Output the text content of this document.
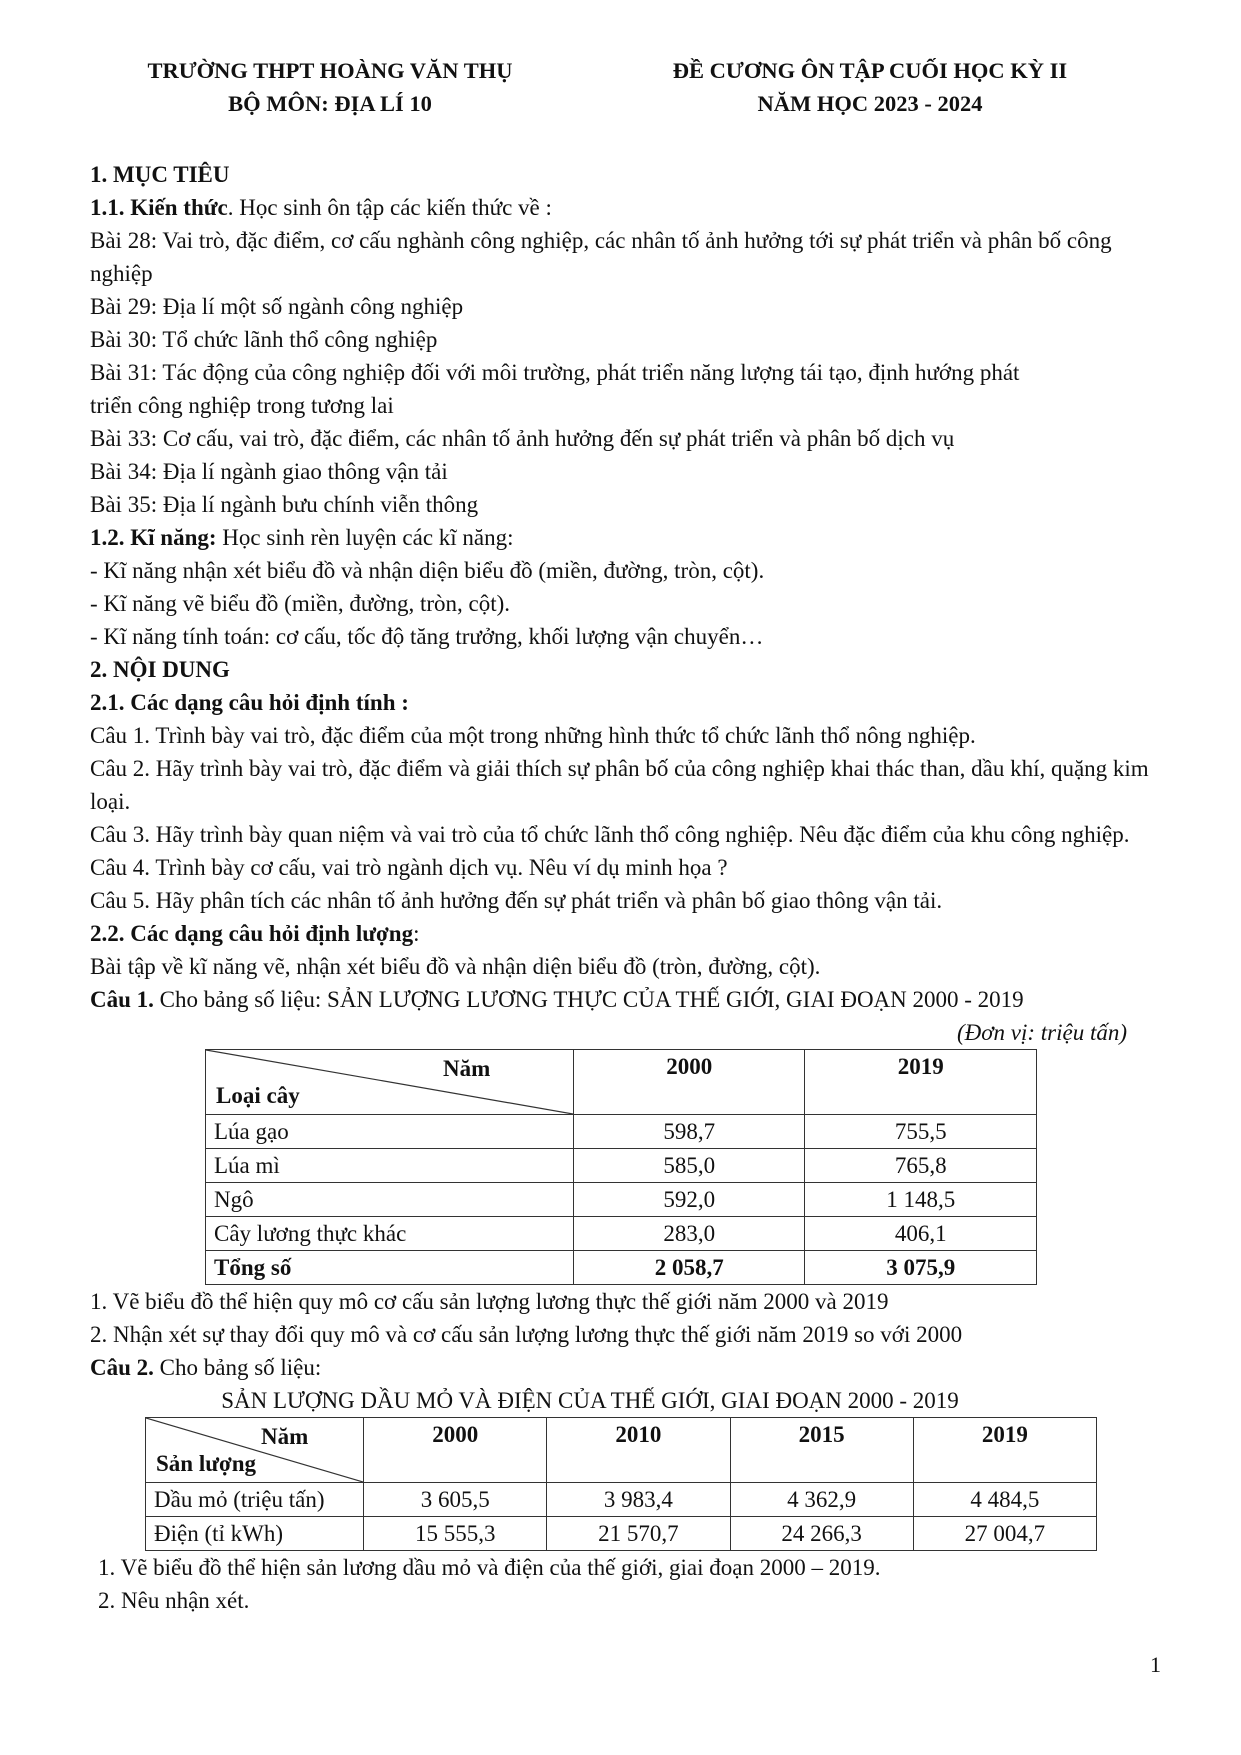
TRƯỜNG THPT HOÀNG VĂN THỤ
BỘ MÔN: ĐỊA LÍ 10
ĐỀ CƯƠNG ÔN TẬP CUỐI HỌC KỲ II
NĂM HỌC 2023 - 2024
1. MỤC TIÊU
1.1. Kiến thức. Học sinh ôn tập các kiến thức về :
Bài 28: Vai trò, đặc điểm, cơ cấu nghành công nghiệp, các nhân tố ảnh hưởng tới sự phát triển và phân bố công nghiệp
Bài 29: Địa lí một số ngành công nghiệp
Bài 30: Tổ chức lãnh thổ công nghiệp
Bài 31: Tác động của công nghiệp đối với môi trường, phát triển năng lượng tái tạo, định hướng phát triển công nghiệp trong tương lai
Bài 33: Cơ cấu, vai trò, đặc điểm, các nhân tố ảnh hưởng đến sự phát triển và phân bố dịch vụ
Bài 34: Địa lí ngành giao thông vận tải
Bài 35: Địa lí ngành bưu chính viễn thông
1.2. Kĩ năng: Học sinh rèn luyện các kĩ năng:
- Kĩ năng nhận xét biểu đồ và nhận diện biểu đồ (miền, đường, tròn, cột).
- Kĩ năng vẽ biểu đồ (miền, đường, tròn, cột).
- Kĩ năng tính toán: cơ cấu, tốc độ tăng trưởng, khối lượng vận chuyển…
2. NỘI DUNG
2.1. Các dạng câu hỏi định tính :
Câu 1. Trình bày vai trò, đặc điểm của một trong những hình thức tổ chức lãnh thổ nông nghiệp.
Câu 2. Hãy trình bày vai trò, đặc điểm và giải thích sự phân bố của công nghiệp khai thác than, dầu khí, quặng kim loại.
Câu 3. Hãy trình bày quan niệm và vai trò của tổ chức lãnh thổ công nghiệp. Nêu đặc điểm của khu công nghiệp.
Câu 4. Trình bày cơ cấu, vai trò ngành dịch vụ. Nêu ví dụ minh họa ?
Câu 5. Hãy phân tích các nhân tố ảnh hưởng đến sự phát triển và phân bố giao thông vận tải.
2.2. Các dạng câu hỏi định lượng:
Bài tập về kĩ năng vẽ, nhận xét biểu đồ và nhận diện biểu đồ (tròn, đường, cột).
Câu 1. Cho bảng số liệu: SẢN LƯỢNG LƯƠNG THỰC CỦA THẾ GIỚI, GIAI ĐOẠN 2000 - 2019
(Đơn vị: triệu tấn)
Năm
Loại cây	2000	2019
Lúa gạo	598,7	755,5
Lúa mì	585,0	765,8
Ngô	592,0	1 148,5
Cây lương thực khác	283,0	406,1
Tổng số	2 058,7	3 075,9
1. Vẽ biểu đồ thể hiện quy mô cơ cấu sản lượng lương thực thế giới năm 2000 và 2019
2. Nhận xét sự thay đổi quy mô và cơ cấu sản lượng lương thực thế giới năm 2019 so với 2000
Câu 2. Cho bảng số liệu:
SẢN LƯỢNG DẦU MỎ VÀ ĐIỆN CỦA THẾ GIỚI, GIAI ĐOẠN 2000 - 2019
Năm
Sản lượng	2000	2010	2015	2019
Dầu mỏ (triệu tấn)	3 605,5	3 983,4	4 362,9	4 484,5
Điện (tỉ kWh)	15 555,3	21 570,7	24 266,3	27 004,7
1. Vẽ biểu đồ thể hiện sản lương dầu mỏ và điện của thế giới, giai đoạn 2000 – 2019.
2. Nêu nhận xét.
1
